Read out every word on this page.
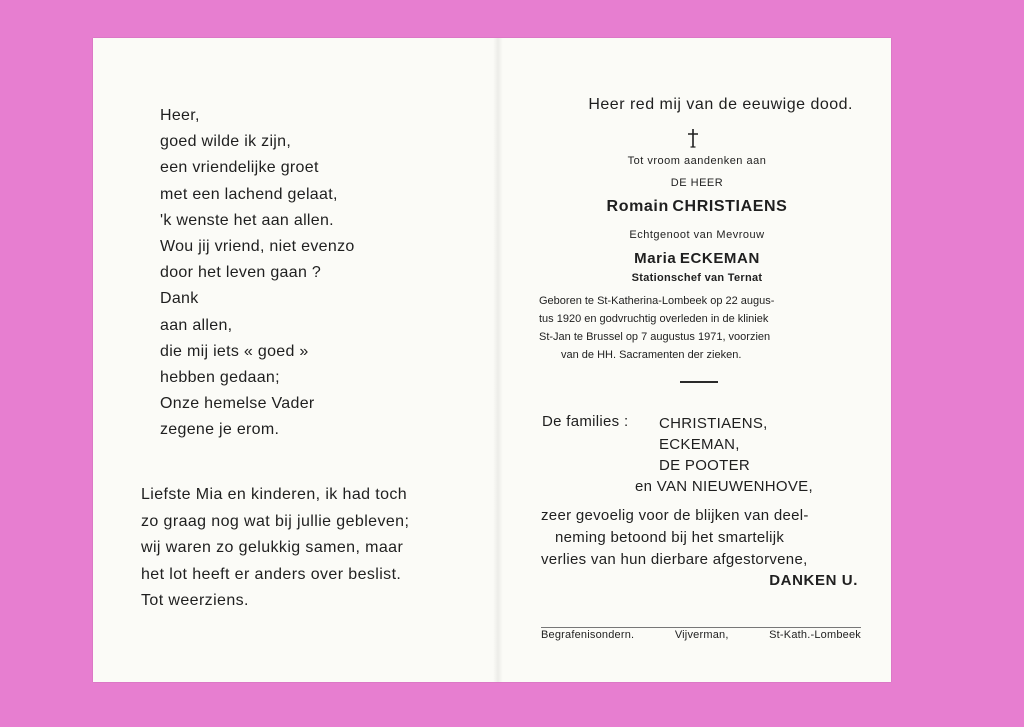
Heer,
goed wilde ik zijn,
een vriendelijke groet
met een lachend gelaat,
'k wenste het aan allen.
Wou jij vriend, niet evenzo
door het leven gaan ?
Dank
aan allen,
die mij iets « goed »
hebben gedaan;
Onze hemelse Vader
zegene je erom.
Liefste Mia en kinderen, ik had toch
zo graag nog wat bij jullie gebleven;
wij waren zo gelukkig samen, maar
het lot heeft er anders over beslist.
Tot weerziens.
Heer red mij van de eeuwige dood.
Tot vroom aandenken aan
DE HEER
Romain CHRISTIAENS
Echtgenoot van Mevrouw
Maria ECKEMAN
Stationschef van Ternat
Geboren te St-Katherina-Lombeek op 22 augus-
tus 1920 en godvruchtig overleden in de kliniek
St-Jan te Brussel op 7 augustus 1971, voorzien
van de HH. Sacramenten der zieken.
De families :	CHRISTIAENS,
ECKEMAN,
DE POOTER
en VAN NIEUWENHOVE,
zeer gevoelig voor de blijken van deel-
neming betoond bij het smartelijk
verlies van hun dierbare afgestorvene,
DANKEN U.
Begrafenisondern.	Vijverman,	St-Kath.-Lombeek
